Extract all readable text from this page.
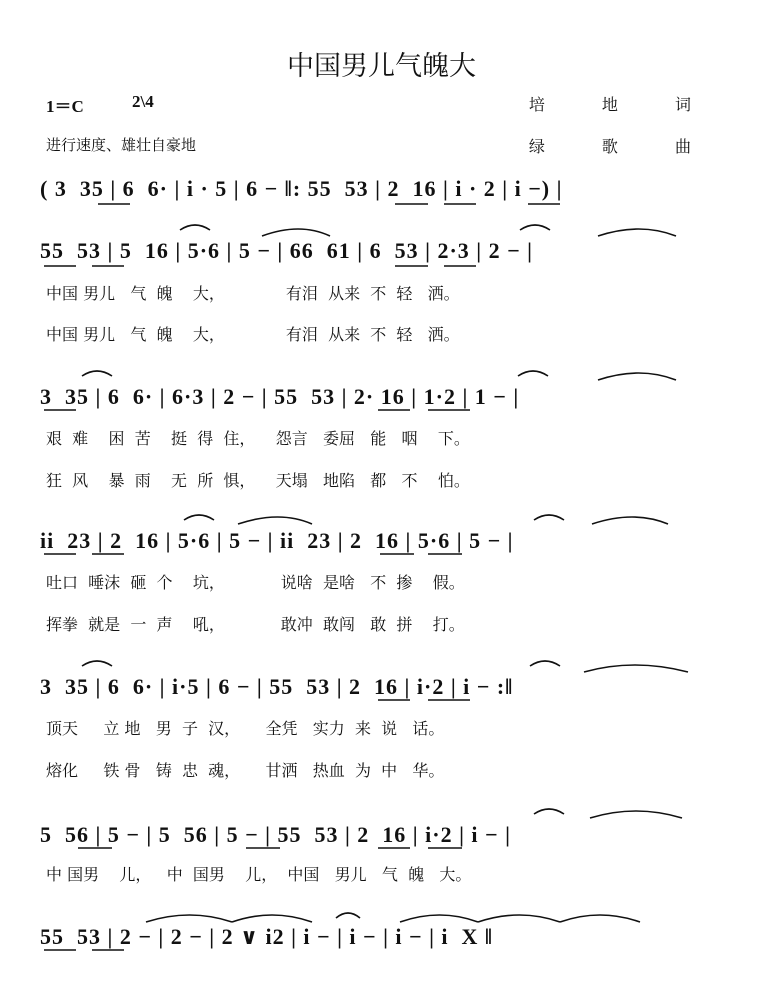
中国男儿气魄大
1＝C	2\4
进行速度、雄壮自豪地
培 地 词
绿 歌 曲

( 3  35 | 6  6· | i · 5 | 6 − ‖: 55  53 | 2  16 | i · 2 | i −) |

55  53 | 5  16 | 5·6 | 5 − | 66  61 | 6  53 | 2·3 | 2 − |

中国 男儿   气  魄    大，            有泪  从来  不  轻   洒。
中国 男儿   气  魄    大，            有泪  从来  不  轻   洒。

3  35 | 6  6· | 6·3 | 2 − | 55  53 | 2· 16 | 1·2 | 1 − |

艰  难    困  苦    挺  得  住，    怨言   委屈   能   咽    下。
狂  风    暴  雨    无  所  惧，    天塌   地陷   都   不    怕。

ii  23 | 2  16 | 5·6 | 5 − | ii  23 | 2  16 | 5·6 | 5 − |

吐口  唾沫  砸  个    坑，           说啥  是啥   不  掺    假。
挥拳  就是  一  声    吼，           敢冲  敢闯   敢  拼    打。

3  35 | 6  6· | i·5 | 6 − | 55  53 | 2  16 | i·2 | i − :‖

顶天     立 地   男  子  汉，     全凭   实力  来  说   话。
熔化     铁 骨   铸  忠  魂，     甘洒   热血  为  中   华。

5  56 | 5 − | 5  56 | 5 − | 55  53 | 2  16 | i·2 | i − |

中 国男    儿，   中  国男    儿，  中国   男儿   气  魄   大。

55  53 | 2 − | 2 − | 2 ∨ i2 | i − | i − | i − | i  X ‖
